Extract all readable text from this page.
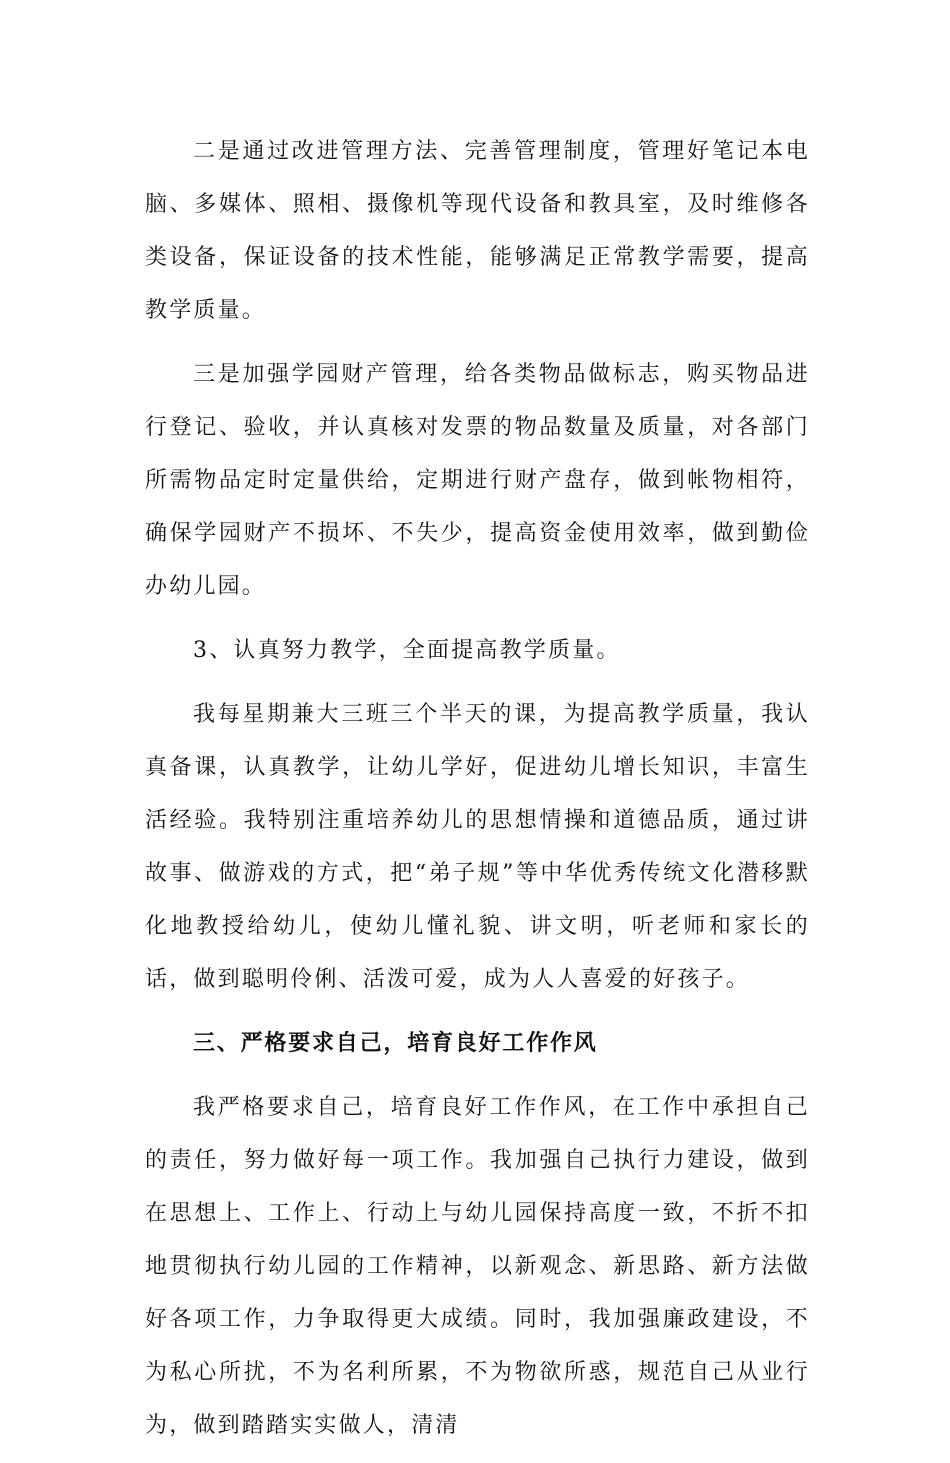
二是通过改进管理方法、完善管理制度，管理好笔记本电脑、多媒体、照相、摄像机等现代设备和教具室，及时维修各类设备，保证设备的技术性能，能够满足正常教学需要，提高教学质量。

三是加强学园财产管理，给各类物品做标志，购买物品进行登记、验收，并认真核对发票的物品数量及质量，对各部门所需物品定时定量供给，定期进行财产盘存，做到帐物相符，确保学园财产不损坏、不失少，提高资金使用效率，做到勤俭办幼儿园。

3、认真努力教学，全面提高教学质量。

我每星期兼大三班三个半天的课，为提高教学质量，我认真备课，认真教学，让幼儿学好，促进幼儿增长知识，丰富生活经验。我特别注重培养幼儿的思想情操和道德品质，通过讲故事、做游戏的方式，把“弟子规”等中华优秀传统文化潜移默化地教授给幼儿，使幼儿懂礼貌、讲文明，听老师和家长的话，做到聪明伶俐、活泼可爱，成为人人喜爱的好孩子。

三、严格要求自己，培育良好工作作风

我严格要求自己，培育良好工作作风，在工作中承担自己的责任，努力做好每一项工作。我加强自己执行力建设，做到在思想上、工作上、行动上与幼儿园保持高度一致，不折不扣地贯彻执行幼儿园的工作精神，以新观念、新思路、新方法做好各项工作，力争取得更大成绩。同时，我加强廉政建设，不为私心所扰，不为名利所累，不为物欲所惑，规范自己从业行为，做到踏踏实实做人，清清
